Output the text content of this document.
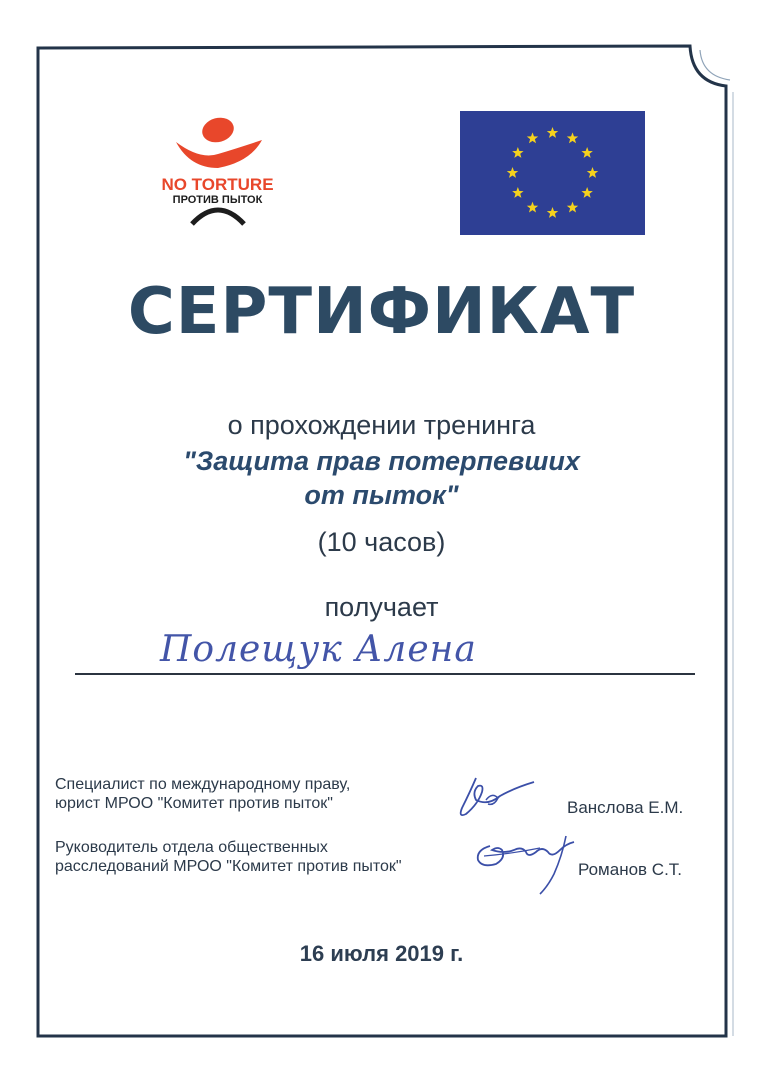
NO TORTURE
ПРОТИВ ПЫТОК
СЕРТИФИКАТ
о прохождении тренинга
"Защита прав потерпевших
от пыток"
(10 часов)
получает
Полещук Алена
Специалист по международному праву,
юрист МРОО "Комитет против пыток"	Ванслова Е.М.
Руководитель отдела общественных
расследований МРОО "Комитет против пыток"	Романов С.Т.
16 июля 2019 г.
